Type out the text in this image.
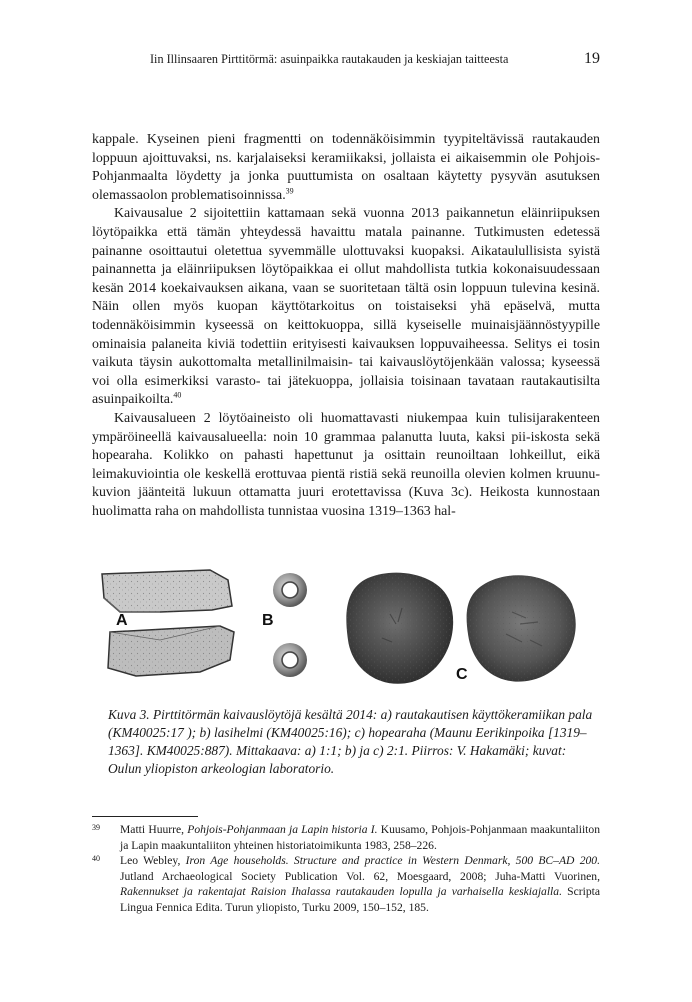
Iin Illinsaaren Pirttitörmä: asuinpaikka rautakauden ja keskiajan taitteesta	19

kappale. Kyseinen pieni fragmentti on todennäköisimmin tyypiteltävissä rautakauden loppuun ajoittuvaksi, ns. karjalaiseksi keramiikaksi, jollaista ei aikaisemmin ole Pohjois-Pohjanmaalta löydetty ja jonka puuttumista on osaltaan käytetty pysyvän asutuksen olemassaolon problematisoinnissa.$^{39}$

Kaivausalue 2 sijoitettiin kattamaan sekä vuonna 2013 paikannetun eläinriipuksen löytöpaikka että tämän yhteydessä havaittu matala painanne. Tutkimusten edetessä painanne osoittautui oletettua syvemmälle ulottuvaksi kuopaksi. Aikataulullisista syistä painannetta ja eläinriipuksen löytöpaikkaa ei ollut mahdollista tutkia kokonaisuudessaan kesän 2014 koekaivauksen aikana, vaan se suoritetaan tältä osin loppuun tulevina kesinä. Näin ollen myös kuopan käyttötarkoitus on toistaiseksi yhä epäselvä, mutta todennäköisimmin kyseessä on keittokuoppa, sillä kyseiselle muinaisjäännöstyypille ominaisia palaneita kiviä todettiin erityisesti kaivauksen loppuvaiheessa. Selitys ei tosin vaikuta täysin aukottomalta metallinilmaisin- tai kaivauslöytöjenkään valossa; kyseessä voi olla esimerkiksi varasto- tai jätekuoppa, jollaisia toisinaan tavataan rautakautisilta asuinpaikoilta.$^{40}$

Kaivausalueen 2 löytöaineisto oli huomattavasti niukempaa kuin tulisijarakenteen ympäröineellä kaivausalueella: noin 10 grammaa palanutta luuta, kaksi pii-iskosta sekä hopearaha. Kolikko on pahasti hapettunut ja osittain reunoiltaan lohkeillut, eikä leimakuviointia ole keskellä erottuvaa pientä ristiä sekä reunoilla olevien kolmen kruunu-kuvion jäänteitä lukuun ottamatta juuri erotettavissa (Kuva 3c). Heikosta kunnostaan huolimatta raha on mahdollista tunnistaa vuosina 1319–1363 hal-

A	B
C
Kuva 3. Pirttitörmän kaivauslöytöjä kesältä 2014: a) rautakautisen käyttökeramiikan pala (KM40025:17 ); b) lasihelmi (KM40025:16); c) hopearaha (Maunu Eerikinpoika [1319–1363]. KM40025:887). Mittakaava: a) 1:1; b) ja c) 2:1. Piirros: V. Hakamäki; kuvat: Oulun yliopiston arkeologian laboratorio.

39 Matti Huurre, Pohjois-Pohjanmaan ja Lapin historia I. Kuusamo, Pohjois-Pohjanmaan maakuntaliiton ja Lapin maakuntaliiton yhteinen historiatoimikunta 1983, 258–226.

40 Leo Webley, Iron Age households. Structure and practice in Western Denmark, 500 BC–AD 200. Jutland Archaeological Society Publication Vol. 62, Moesgaard, 2008; Juha-Matti Vuorinen, Rakennukset ja rakentajat Raision Ihalassa rautakauden lopulla ja varhaisella keskiajalla. Scripta Lingua Fennica Edita. Turun yliopisto, Turku 2009, 150–152, 185.
